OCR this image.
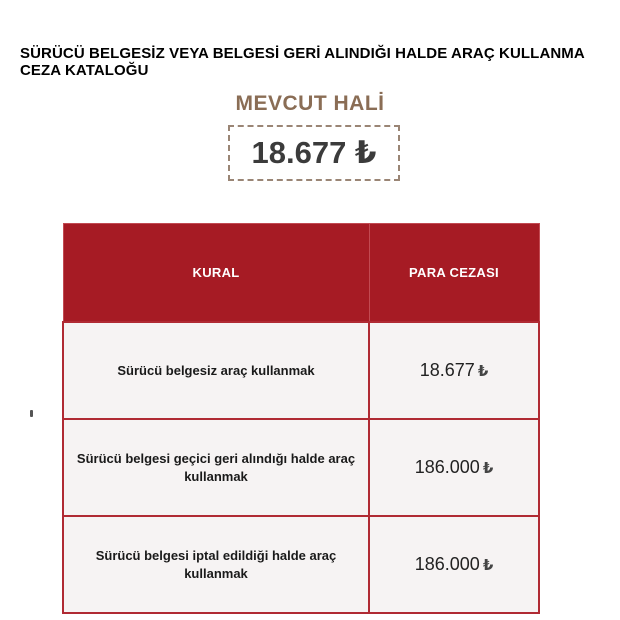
SÜRÜCÜ BELGESİZ VEYA BELGESİ GERİ ALINDIĞI HALDE ARAÇ KULLANMA CEZA KATALOĞU
MEVCUT HALİ
18.677 ₺
KURAL	PARA CEZASI
Sürücü belgesiz araç kullanmak	18.677 ₺
Sürücü belgesi geçici geri alındığı halde araç kullanmak	186.000 ₺
Sürücü belgesi iptal edildiği halde araç kullanmak	186.000 ₺
